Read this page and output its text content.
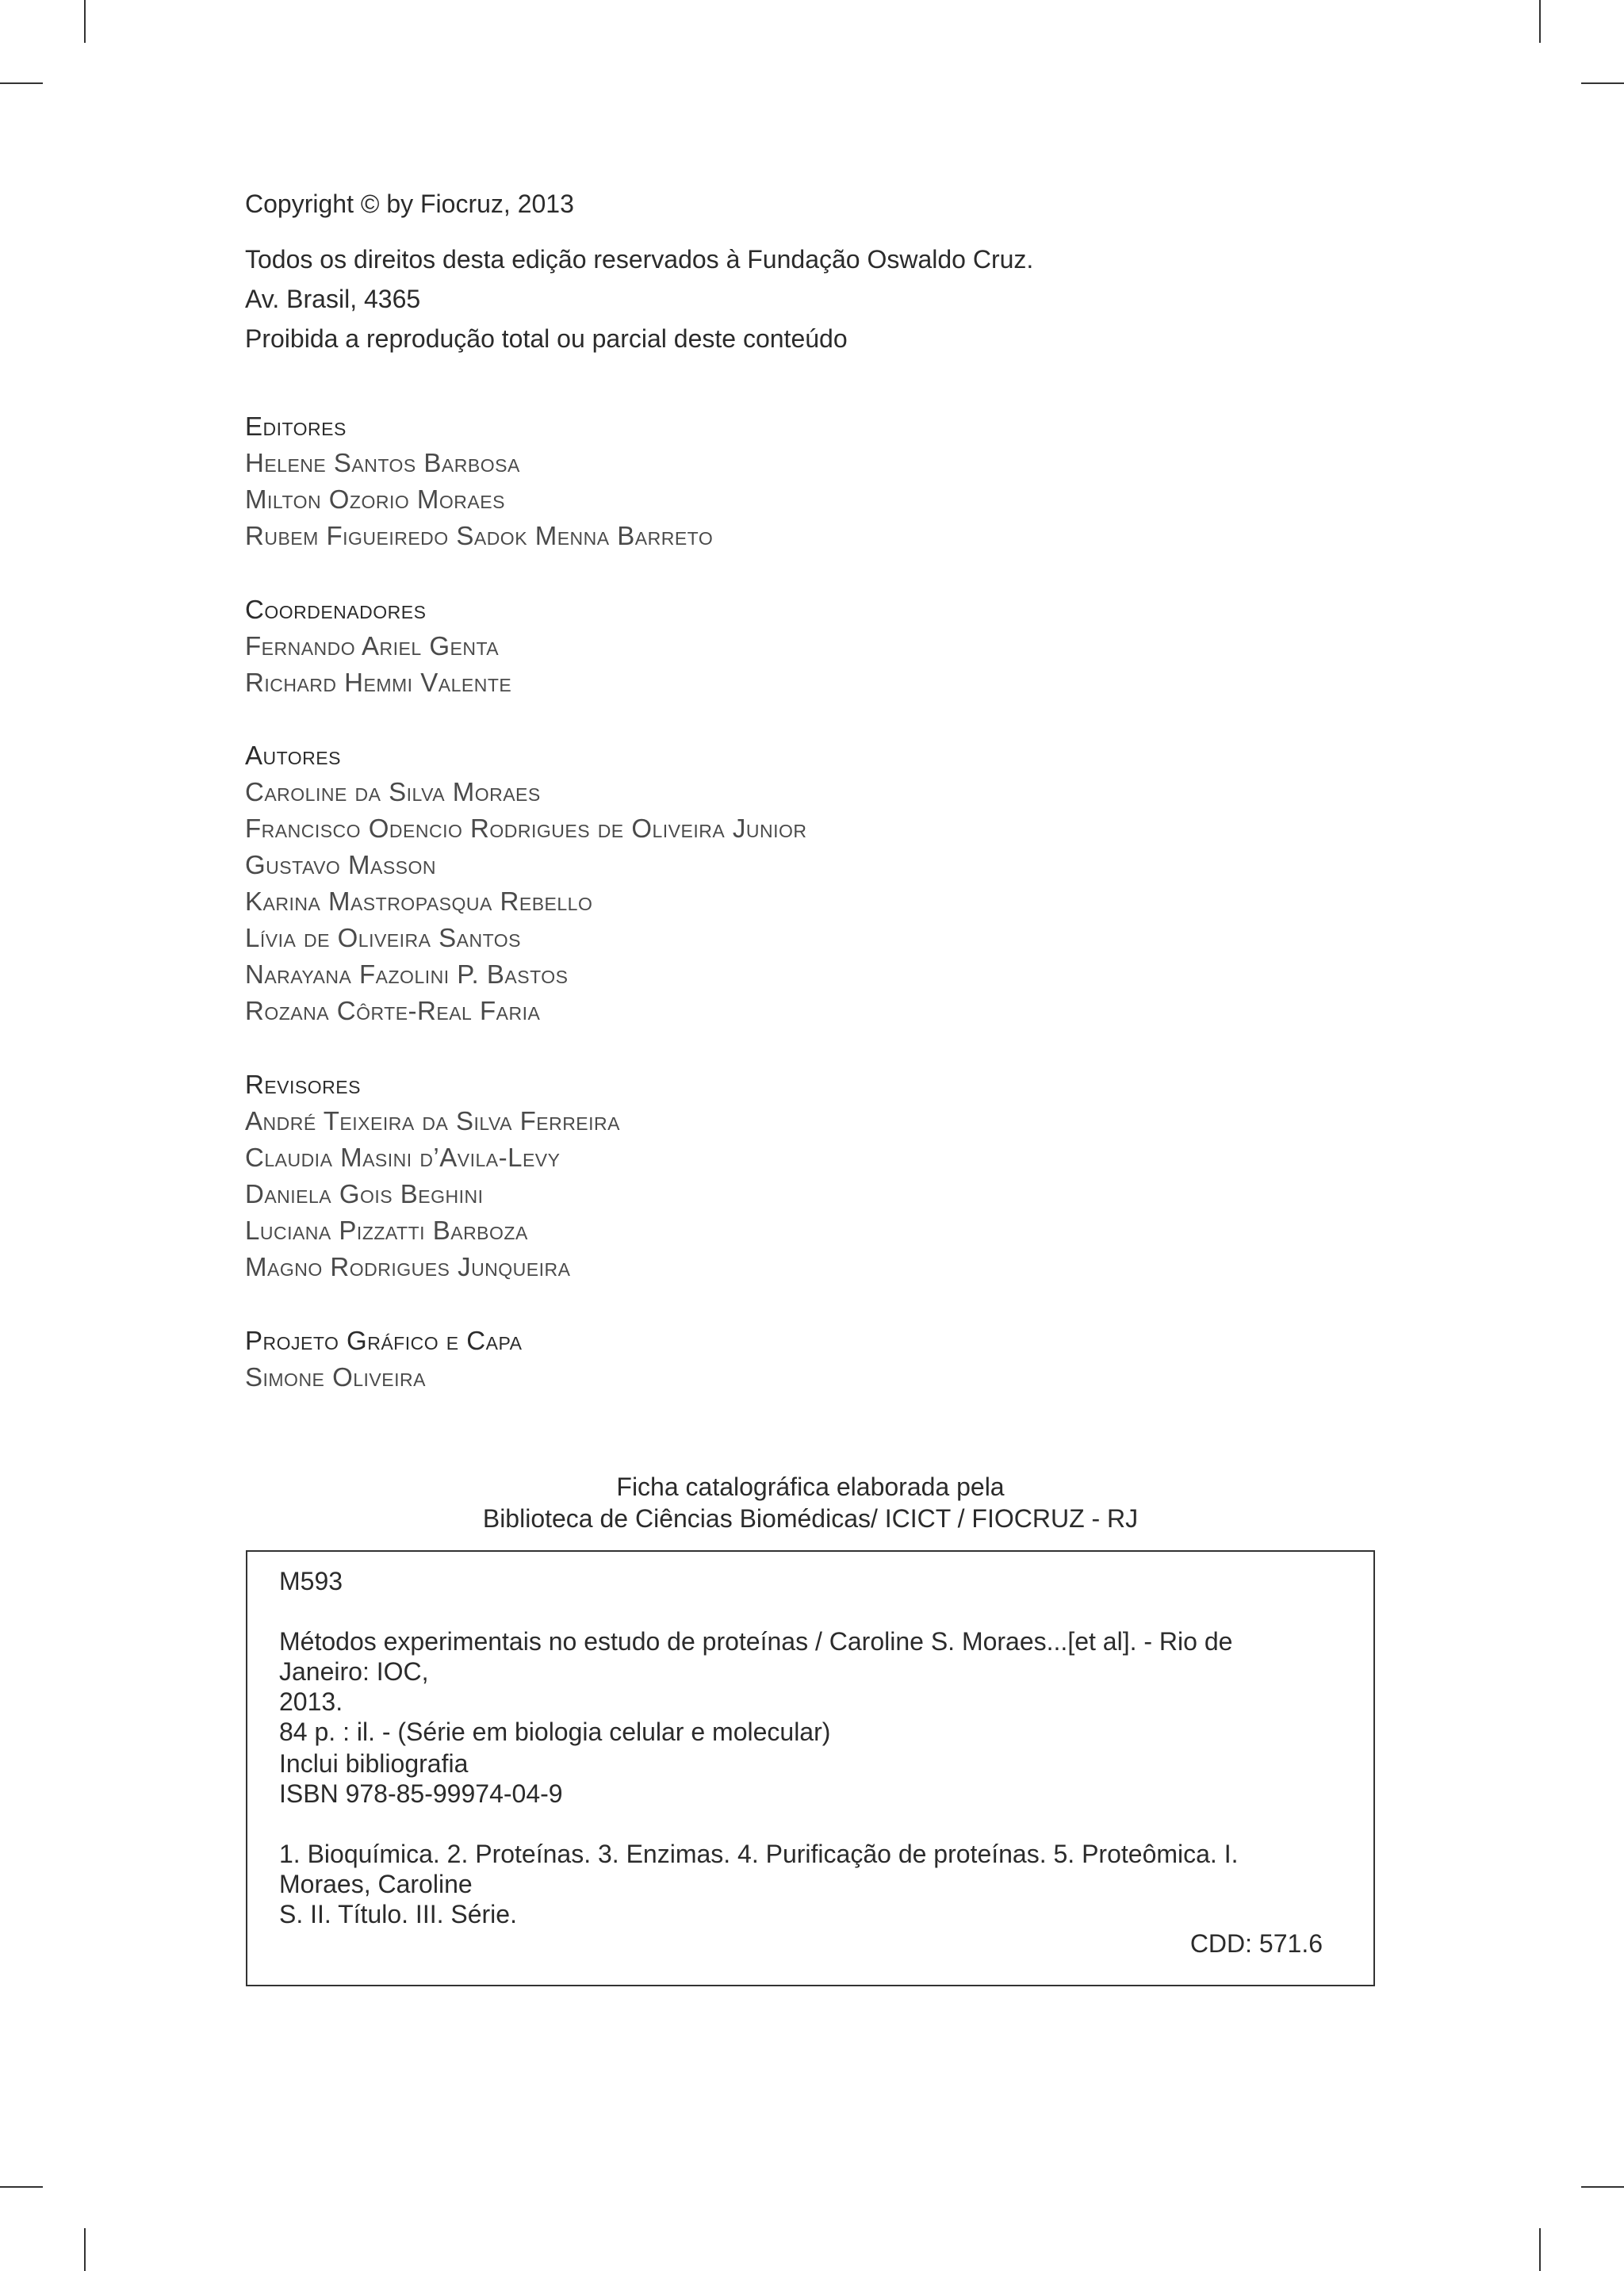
Copyright © by Fiocruz, 2013

Todos os direitos desta edição reservados à Fundação Oswaldo Cruz.

Av. Brasil, 4365

Proibida a reprodução total ou parcial deste conteúdo

Editores

Helene Santos Barbosa

Milton Ozorio Moraes

Rubem Figueiredo Sadok Menna Barreto

Coordenadores

Fernando Ariel Genta

Richard Hemmi Valente

Autores

Caroline da Silva Moraes

Francisco Odencio Rodrigues de Oliveira Junior

Gustavo Masson

Karina Mastropasqua Rebello

Lívia de Oliveira Santos

Narayana Fazolini P. Bastos

Rozana Côrte-Real Faria

Revisores

André Teixeira da Silva Ferreira

Claudia Masini d’Avila-Levy

Daniela Gois Beghini

Luciana Pizzatti Barboza

Magno Rodrigues Junqueira

Projeto Gráfico e Capa

Simone Oliveira

Ficha catalográfica elaborada pela

Biblioteca de Ciências Biomédicas/ ICICT / FIOCRUZ - RJ

M593

Métodos experimentais no estudo de proteínas / Caroline S. Moraes...[et al]. - Rio de Janeiro: IOC,

2013.

84 p. : il. - (Série em biologia celular e molecular)

Inclui bibliografia

ISBN 978-85-99974-04-9

1. Bioquímica. 2. Proteínas. 3. Enzimas. 4. Purificação de proteínas. 5. Proteômica. I. Moraes, Caroline

S. II. Título. III. Série.

CDD: 571.6
